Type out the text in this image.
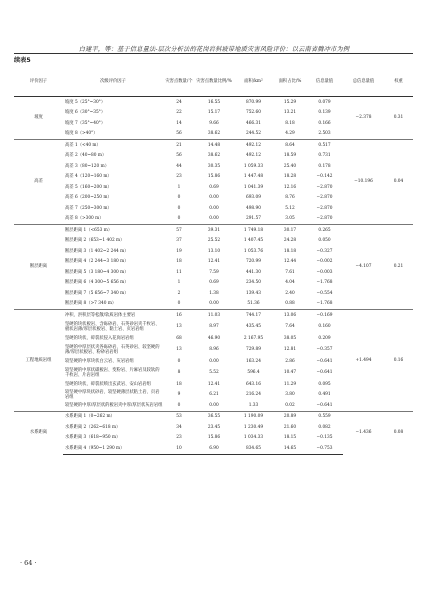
白建平，等：基于信息量法-层次分析法的花岗岩斜坡带地质灾害风险评价：以云南省腾冲市为例
续表5
评价因子	次级评价因子	灾害点数量/个	灾害点数量比例/%	面积/km²	面积占比/%	信息量值	总信息量值	权重
坡度	坡度 5（25°~30°）	24	16.55	870.99	15.29	0.079	−2.378	0.31
	坡度 6（30°~35°）	22	15.17	752.60	13.21	0.139		
	坡度 7（35°~40°）	14	9.66	466.31	8.18	0.166		
	坡度 8（>40°）	56	38.62	244.52	4.29	2.503		
高差	高差 1（<40 m）	21	14.48	492.12	8.64	0.517	−10.196	0.04
	高差 2（40~80 m）	56	38.62	492.12	18.59	0.731		
	高差 3（80~120 m）	44	30.35	1 059.33	25.40	0.178		
	高差 4（120~160 m）	23	15.86	1 447.48	18.28	−0.142		
	高差 5（160~200 m）	1	0.69	1 041.39	12.16	−2.870		
	高差 6（200~250 m）	0	0.00	693.09	8.76	−2.870		
	高差 7（250~300 m）	0	0.00	498.90	5.12	−2.870		
	高差 8（>300 m）	0	0.00	291.57	3.05	−2.870		
断层距离	断层距离 1（<653 m）	57	39.31	1 749.18	30.17	0.265	−4.107	0.21
	断层距离 2（653~1 402 m）	37	25.52	1 407.45	24.28	0.050		
	断层距离 3（1 402~2 244 m）	19	13.10	1 053.76	18.18	−0.327		
	断层距离 4（2 244~3 180 m）	18	12.41	720.99	12.44	−0.002		
	断层距离 5（3 180~4 300 m）	11	7.59	441.30	7.61	−0.003		
	断层距离 6（4 300~5 656 m）	1	0.69	234.50	4.04	−1.768		
	断层距离 7（5 656~7 340 m）	2	1.38	139.43	2.40	−0.554		
	断层距离 8（>7 340 m）	0	0.00	51.36	0.88	−1.768		
工程地质岩组	冲积、洪积层等松散/软质岩体主要岩	16	11.03	744.17	13.06	−0.169	+1.494	0.16
	坚硬的块状板岩、含砾砂岩、石英砂岩夹千枚岩、板状岩薄/厚层状板岩、黏土岩、页岩岩组	13	8.97	435.45	7.64	0.160		
	坚硬的块状、碎裂状侵入花岗岩岩组	68	46.90	2 167.95	38.05	0.209		
	坚硬的中厚层状夹各砾砂岩、石英砂岩、较坚硬的薄/厚层状板岩、粉砂岩岩组	13	8.96	729.89	12.81	−0.357		
	较坚硬的中厚块状白云岩、灰岩岩组	0	0.00	163.24	2.86	−0.641		
	较坚硬的中厚状碳板岩、变粉岩、片麻岩及较软的千枚岩、片岩岩组	8	5.52	596.4	10.47	−0.641		
	坚硬的块状、碎裂状喷出玄武岩、安山岩岩组	18	12.41	643.16	11.29	0.095		
	较坚硬中厚块状砂岩、较坚硬薄层状粘土岩、页岩岩组	9	6.21	216.24	3.80	0.491		
	较坚硬的中厚/厚层状的板岩夹中厚/厚层状灰岩岩组	0	0.00	1.33	0.02	−0.641		
水系距离	水系距离 1（0~262 m）	53	36.55	1 190.09	20.89	0.559	−1.436	0.08
	水系距离 2（262~618 m）	34	23.45	1 230.49	21.60	0.082		
	水系距离 3（618~950 m）	23	15.86	1 034.33	18.15	−0.135		
	水系距离 4（950~1 290 m）	10	6.90	834.65	14.65	−0.753		
· 64 ·
